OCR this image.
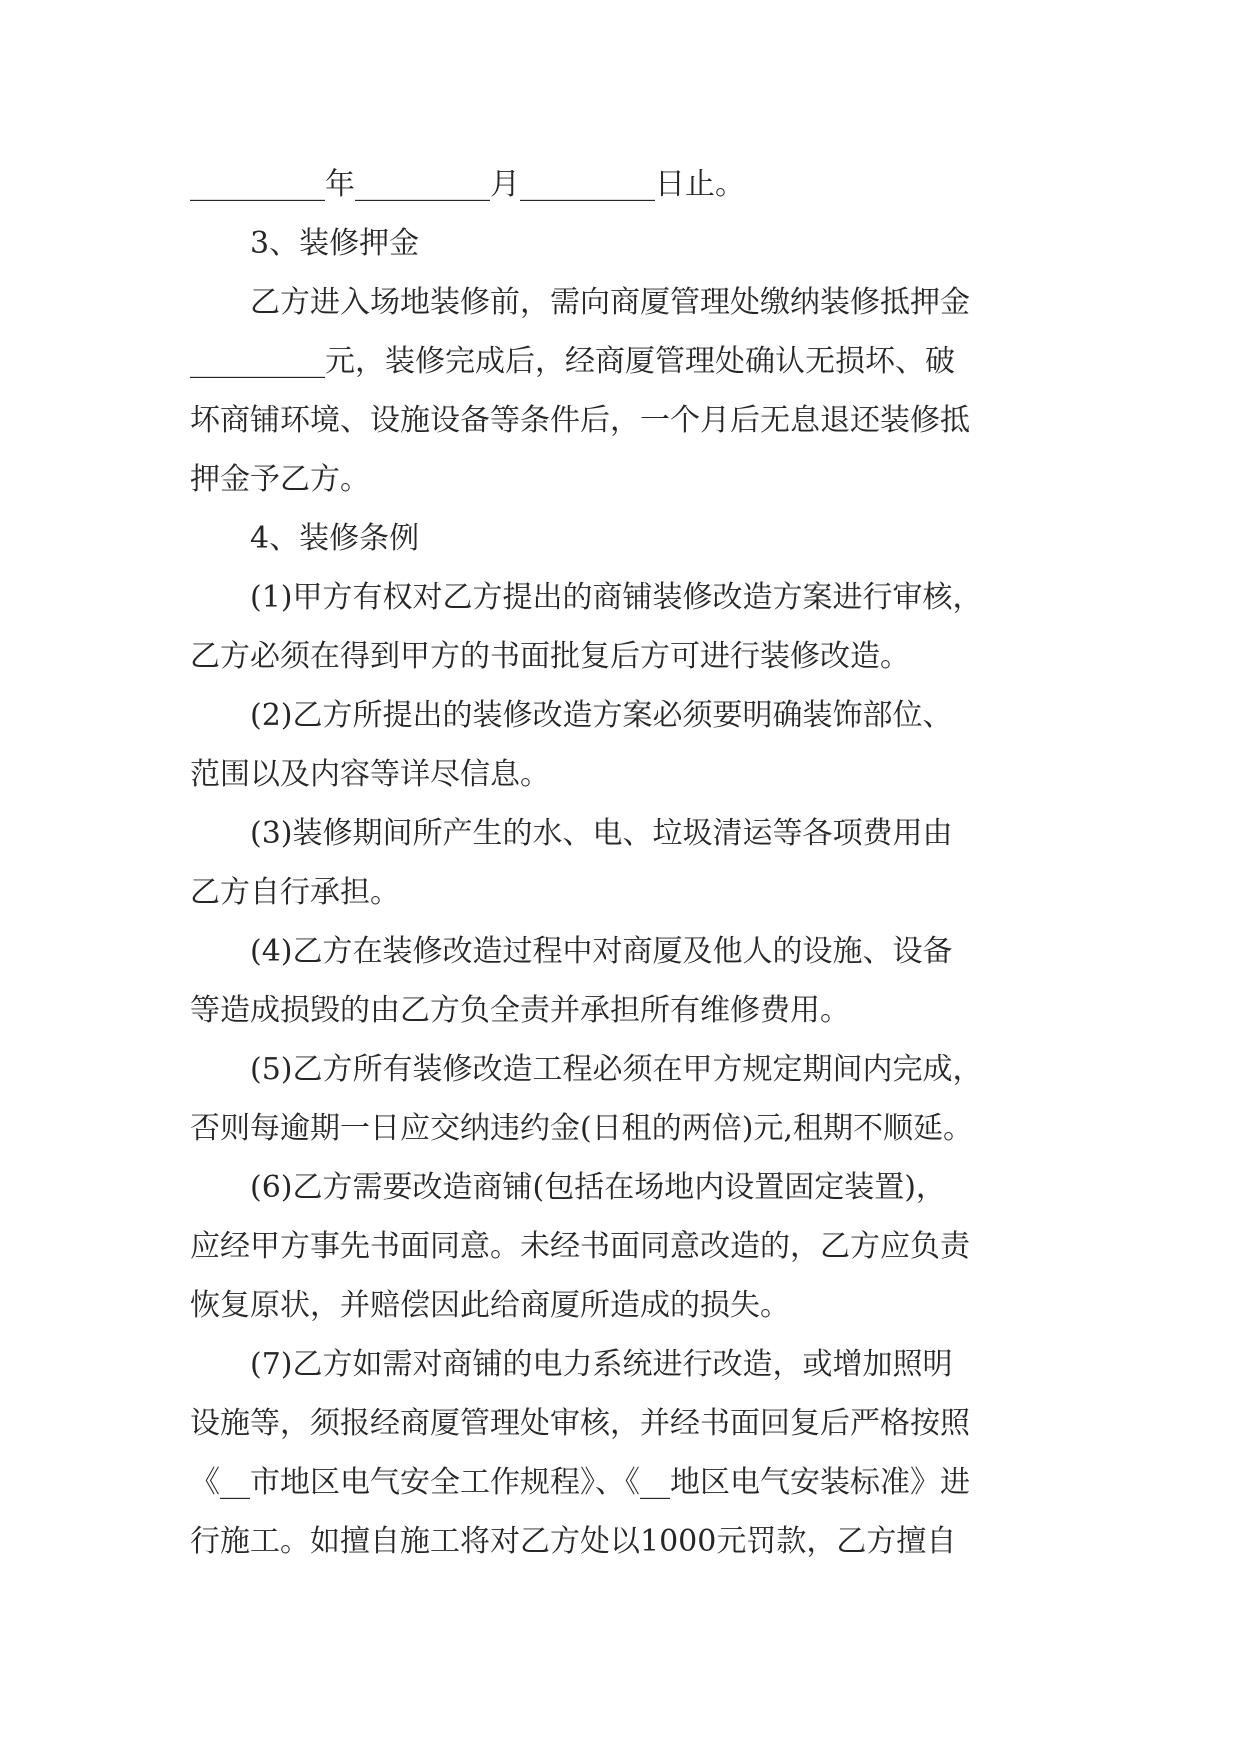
_________年_________月_________日止。

3、装修押金

乙方进入场地装修前，需向商厦管理处缴纳装修抵押金

_________元，装修完成后，经商厦管理处确认无损坏、破

坏商铺环境、设施设备等条件后，一个月后无息退还装修抵

押金予乙方。

4、装修条例

(1)甲方有权对乙方提出的商铺装修改造方案进行审核，

乙方必须在得到甲方的书面批复后方可进行装修改造。

(2)乙方所提出的装修改造方案必须要明确装饰部位、

范围以及内容等详尽信息。

(3)装修期间所产生的水、电、垃圾清运等各项费用由

乙方自行承担。

(4)乙方在装修改造过程中对商厦及他人的设施、设备

等造成损毁的由乙方负全责并承担所有维修费用。

(5)乙方所有装修改造工程必须在甲方规定期间内完成，

否则每逾期一日应交纳违约金(日租的两倍)元,租期不顺延。

(6)乙方需要改造商铺(包括在场地内设置固定装置)，

应经甲方事先书面同意。未经书面同意改造的，乙方应负责

恢复原状，并赔偿因此给商厦所造成的损失。

(7)乙方如需对商铺的电力系统进行改造，或增加照明

设施等，须报经商厦管理处审核，并经书面回复后严格按照

《__市地区电气安全工作规程》、《__地区电气安装标准》进

行施工。如擅自施工将对乙方处以1000元罚款，乙方擅自
